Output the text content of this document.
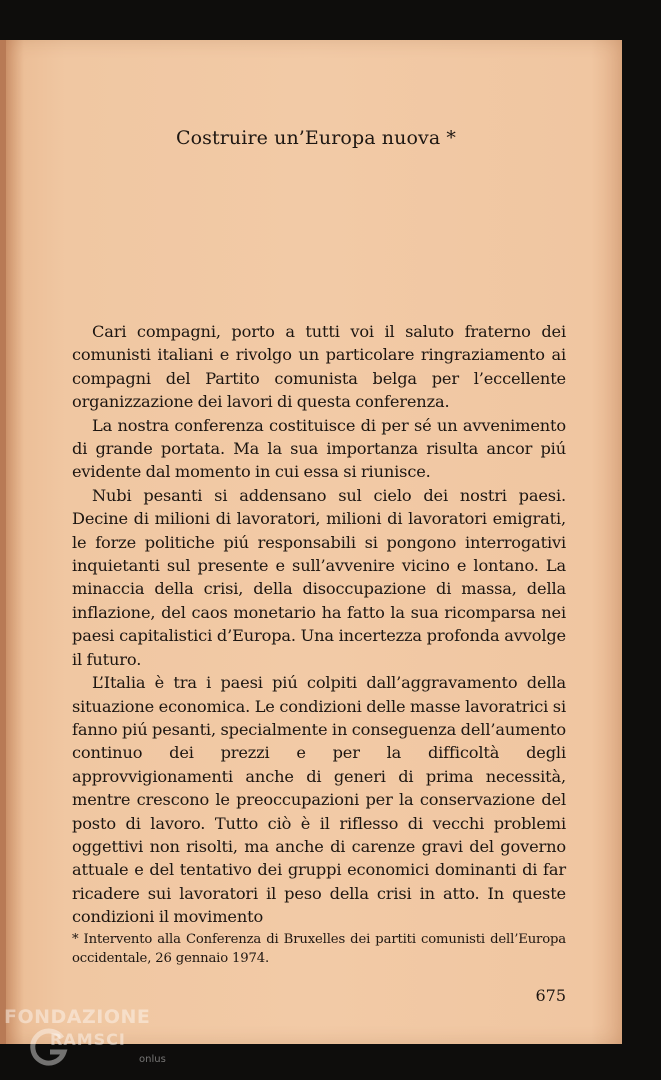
Costruire un’Europa nuova *

Cari compagni, porto a tutti voi il saluto fraterno dei comunisti italiani e rivolgo un particolare ringraziamento ai compagni del Partito comunista belga per l’eccellente organizzazione dei lavori di questa conferenza.

La nostra conferenza costituisce di per sé un avvenimento di grande portata. Ma la sua importanza risulta ancor piú evidente dal momento in cui essa si riunisce.

Nubi pesanti si addensano sul cielo dei nostri paesi. Decine di milioni di lavoratori, milioni di lavoratori emigrati, le forze politiche piú responsabili si pongono interrogativi inquietanti sul presente e sull’avvenire vicino e lontano. La minaccia della crisi, della disoccupazione di massa, della inflazione, del caos monetario ha fatto la sua ricomparsa nei paesi capitalistici d’Europa. Una incertezza profonda avvolge il futuro.

L’Italia è tra i paesi piú colpiti dall’aggravamento della situazione economica. Le condizioni delle masse lavoratrici si fanno piú pesanti, specialmente in conseguenza dell’aumento continuo dei prezzi e per la difficoltà degli approvvigionamenti anche di generi di prima necessità, mentre crescono le preoccupazioni per la conservazione del posto di lavoro. Tutto ciò è il riflesso di vecchi problemi oggettivi non risolti, ma anche di carenze gravi del governo attuale e del tentativo dei gruppi economici dominanti di far ricadere sui lavoratori il peso della crisi in atto. In queste condizioni il movimento

* Intervento alla Conferenza di Bruxelles dei partiti comunisti dell’Europa occidentale, 26 gennaio 1974.

675
FONDAZIONE
RAMSCI
onlus
